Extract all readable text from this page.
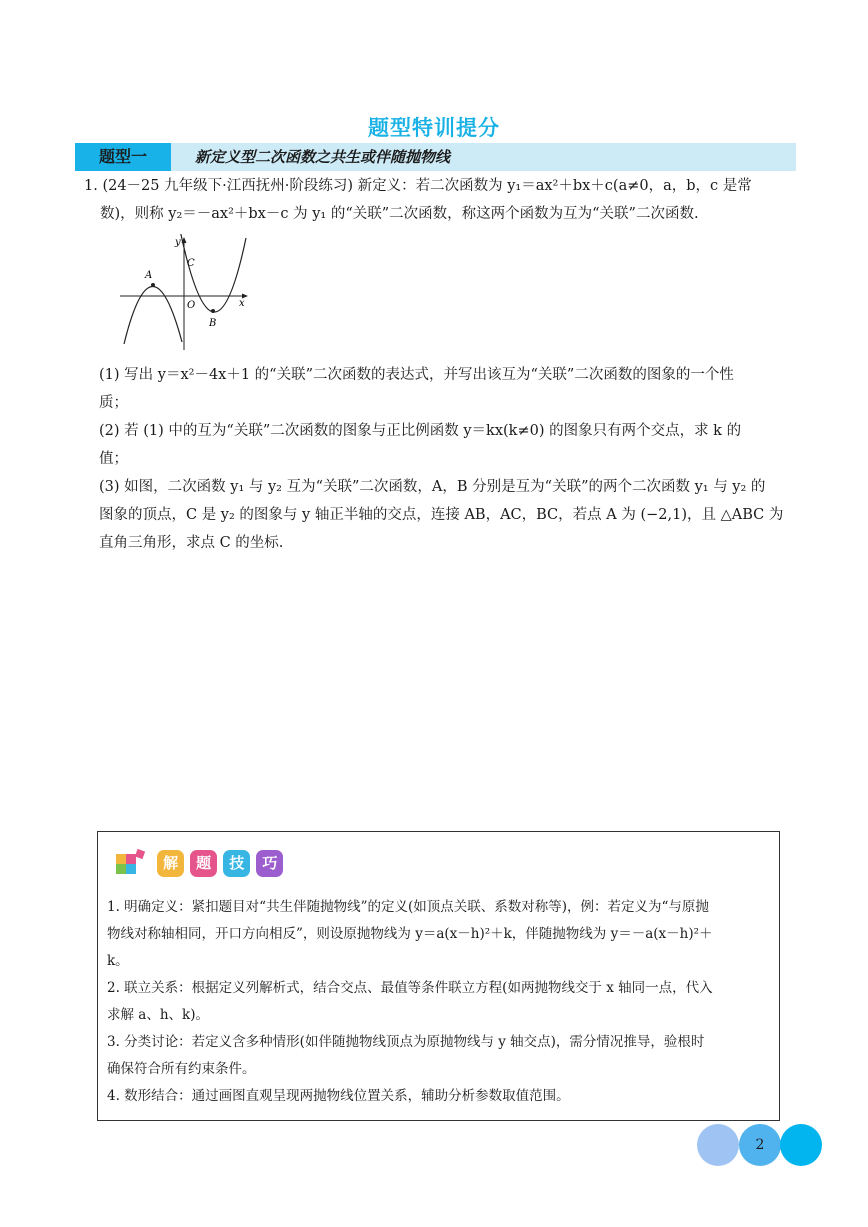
题型特训提分
题型一	新定义型二次函数之共生或伴随抛物线
1. (24－25 九年级下·江西抚州·阶段练习) 新定义：若二次函数为 y₁＝ax²＋bx＋c(a≠0，a，b，c 是常
数)，则称 y₂＝－ax²＋bx－c 为 y₁ 的“关联”二次函数，称这两个函数为互为“关联”二次函数.
y
x
A
B
C
O
(1) 写出 y＝x²－4x＋1 的“关联”二次函数的表达式，并写出该互为“关联”二次函数的图象的一个性
质；
(2) 若 (1) 中的互为“关联”二次函数的图象与正比例函数 y＝kx(k≠0) 的图象只有两个交点，求 k 的
值；
(3) 如图，二次函数 y₁ 与 y₂ 互为“关联”二次函数，A，B 分别是互为“关联”的两个二次函数 y₁ 与 y₂ 的
图象的顶点，C 是 y₂ 的图象与 y 轴正半轴的交点，连接 AB，AC，BC，若点 A 为 (−2,1)，且 △ABC 为
直角三角形，求点 C 的坐标.
解 题 技 巧
1. 明确定义：紧扣题目对“共生伴随抛物线”的定义(如顶点关联、系数对称等)，例：若定义为“与原抛
物线对称轴相同，开口方向相反”，则设原抛物线为 y＝a(x－h)²＋k，伴随抛物线为 y＝－a(x－h)²＋
k。
2. 联立关系：根据定义列解析式，结合交点、最值等条件联立方程(如两抛物线交于 x 轴同一点，代入
求解 a、h、k)。
3. 分类讨论：若定义含多种情形(如伴随抛物线顶点为原抛物线与 y 轴交点)，需分情况推导，验根时
确保符合所有约束条件。
4. 数形结合：通过画图直观呈现两抛物线位置关系，辅助分析参数取值范围。
2
